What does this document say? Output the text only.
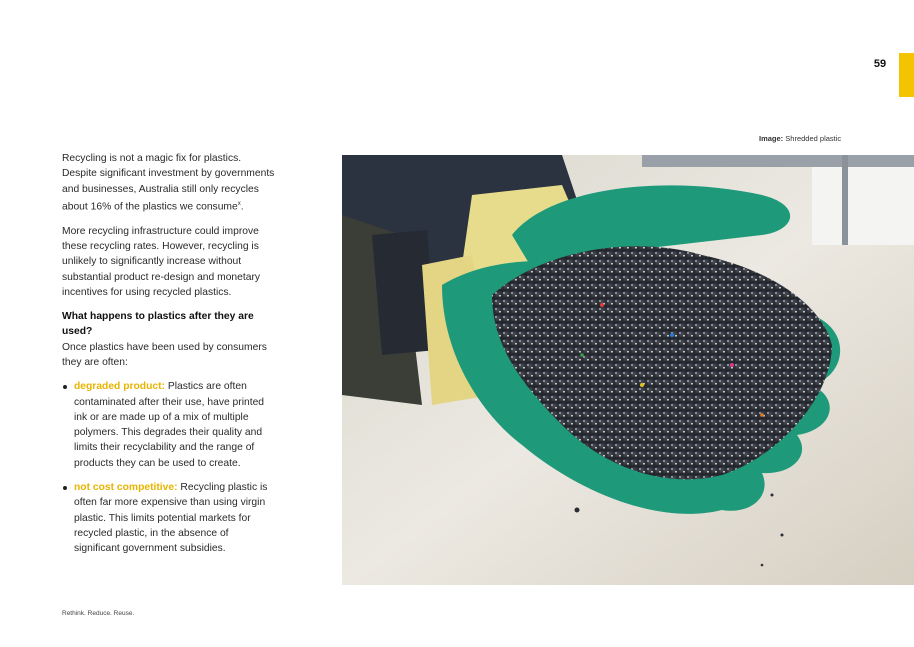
59
Image: Shredded plastic

Recycling is not a magic fix for plastics. Despite significant investment by governments and businesses, Australia still only recycles about 16% of the plastics we consume$^x$.

More recycling infrastructure could improve these recycling rates. However, recycling is unlikely to significantly increase without substantial product re-design and monetary incentives for using recycled plastics.

What happens to plastics after they are used?
Once plastics have been used by consumers they are often:
degraded product: Plastics are often contaminated after their use, have printed ink or are made up of a mix of multiple polymers. This degrades their quality and limits their recyclability and the range of products they can be used to create.
not cost competitive: Recycling plastic is often far more expensive than using virgin plastic. This limits potential markets for recycled plastic, in the absence of significant government subsidies.
Rethink. Reduce. Reuse.
